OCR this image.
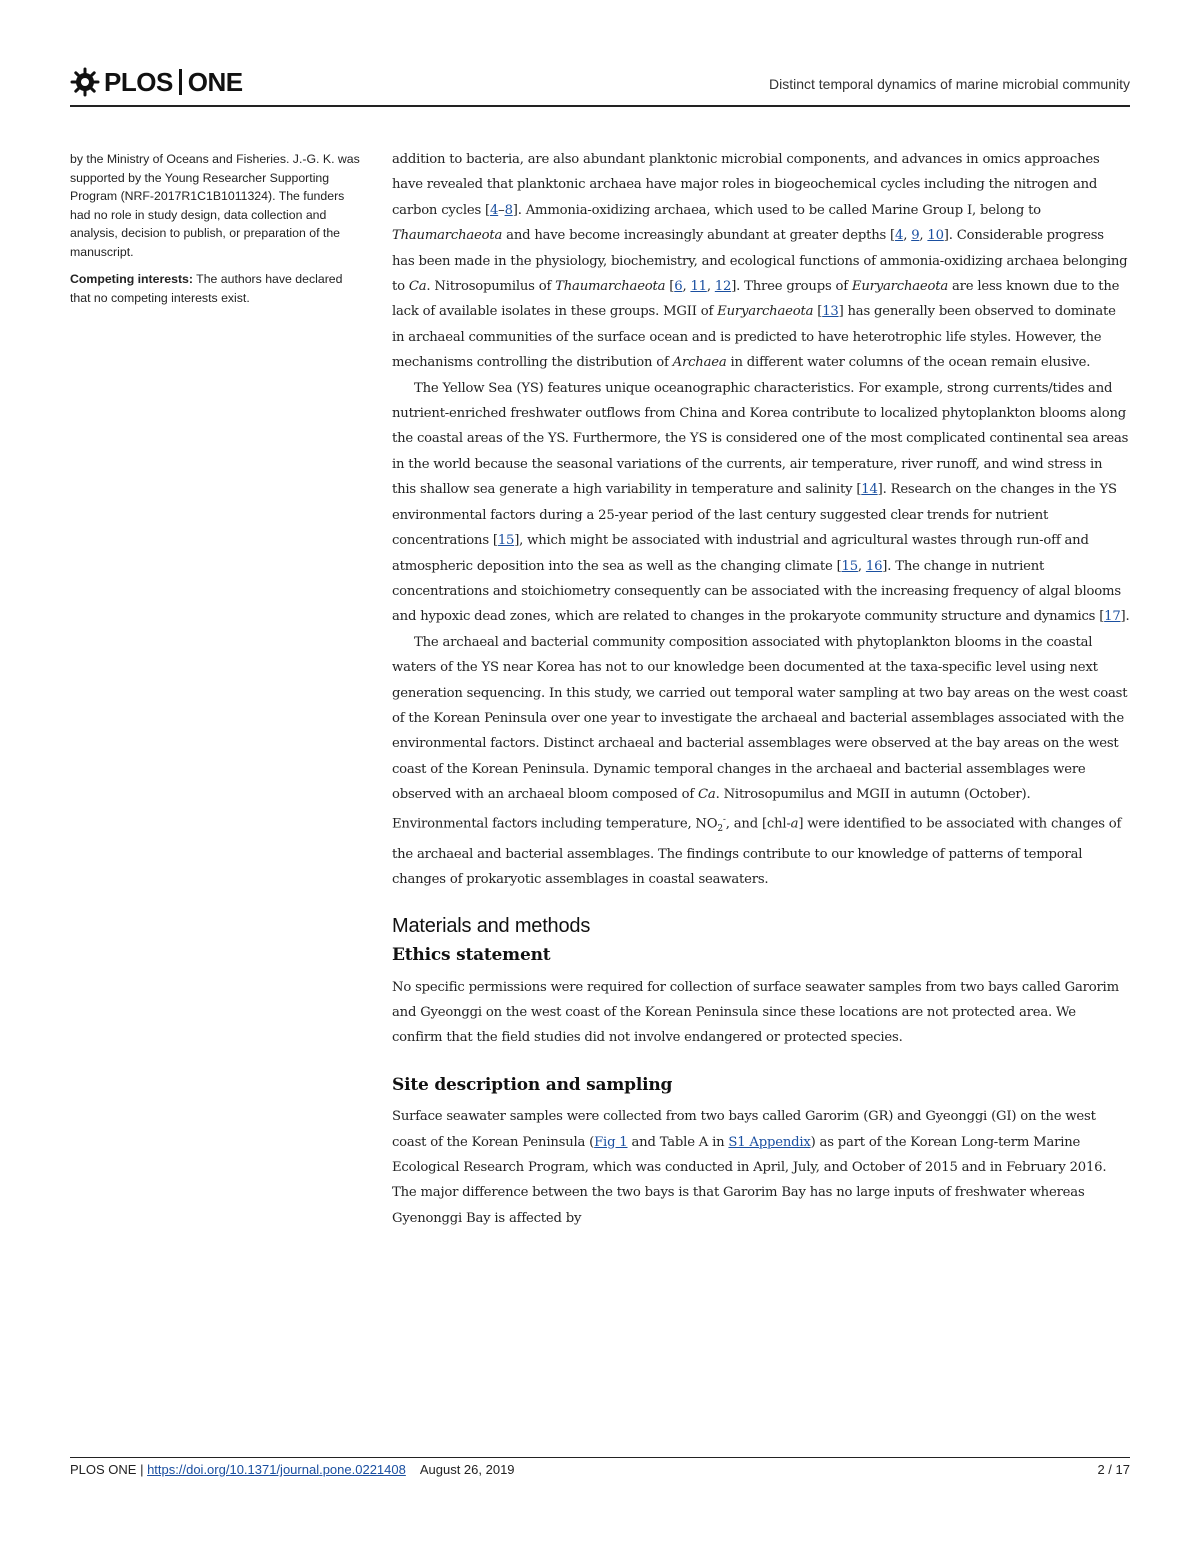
PLOS ONE	Distinct temporal dynamics of marine microbial community

by the Ministry of Oceans and Fisheries. J.-G. K. was supported by the Young Researcher Supporting Program (NRF-2017R1C1B1011324). The funders had no role in study design, data collection and analysis, decision to publish, or preparation of the manuscript.

Competing interests: The authors have declared that no competing interests exist.

addition to bacteria, are also abundant planktonic microbial components, and advances in omics approaches have revealed that planktonic archaea have major roles in biogeochemical cycles including the nitrogen and carbon cycles [4–8]. Ammonia-oxidizing archaea, which used to be called Marine Group I, belong to Thaumarchaeota and have become increasingly abundant at greater depths [4, 9, 10]. Considerable progress has been made in the physiology, biochemistry, and ecological functions of ammonia-oxidizing archaea belonging to Ca. Nitrosopumilus of Thaumarchaeota [6, 11, 12]. Three groups of Euryarchaeota are less known due to the lack of available isolates in these groups. MGII of Euryarchaeota [13] has generally been observed to dominate in archaeal communities of the surface ocean and is predicted to have heterotrophic life styles. However, the mechanisms controlling the distribution of Archaea in different water columns of the ocean remain elusive.

The Yellow Sea (YS) features unique oceanographic characteristics. For example, strong currents/tides and nutrient-enriched freshwater outflows from China and Korea contribute to localized phytoplankton blooms along the coastal areas of the YS. Furthermore, the YS is considered one of the most complicated continental sea areas in the world because the seasonal variations of the currents, air temperature, river runoff, and wind stress in this shallow sea generate a high variability in temperature and salinity [14]. Research on the changes in the YS environmental factors during a 25-year period of the last century suggested clear trends for nutrient concentrations [15], which might be associated with industrial and agricultural wastes through run-off and atmospheric deposition into the sea as well as the changing climate [15, 16]. The change in nutrient concentrations and stoichiometry consequently can be associated with the increasing frequency of algal blooms and hypoxic dead zones, which are related to changes in the prokaryote community structure and dynamics [17].

The archaeal and bacterial community composition associated with phytoplankton blooms in the coastal waters of the YS near Korea has not to our knowledge been documented at the taxa-specific level using next generation sequencing. In this study, we carried out temporal water sampling at two bay areas on the west coast of the Korean Peninsula over one year to investigate the archaeal and bacterial assemblages associated with the environmental factors. Distinct archaeal and bacterial assemblages were observed at the bay areas on the west coast of the Korean Peninsula. Dynamic temporal changes in the archaeal and bacterial assemblages were observed with an archaeal bloom composed of Ca. Nitrosopumilus and MGII in autumn (October). Environmental factors including temperature, $NO_2^-$, and [chl-a] were identified to be associated with changes of the archaeal and bacterial assemblages. The findings contribute to our knowledge of patterns of temporal changes of prokaryotic assemblages in coastal seawaters.

Materials and methods
Ethics statement

No specific permissions were required for collection of surface seawater samples from two bays called Garorim and Gyeonggi on the west coast of the Korean Peninsula since these locations are not protected area. We confirm that the field studies did not involve endangered or protected species.

Site description and sampling

Surface seawater samples were collected from two bays called Garorim (GR) and Gyeonggi (GI) on the west coast of the Korean Peninsula (Fig 1 and Table A in S1 Appendix) as part of the Korean Long-term Marine Ecological Research Program, which was conducted in April, July, and October of 2015 and in February 2016. The major difference between the two bays is that Garorim Bay has no large inputs of freshwater whereas Gyenonggi Bay is affected by

PLOS ONE | https://doi.org/10.1371/journal.pone.0221408 August 26, 2019	2 / 17
